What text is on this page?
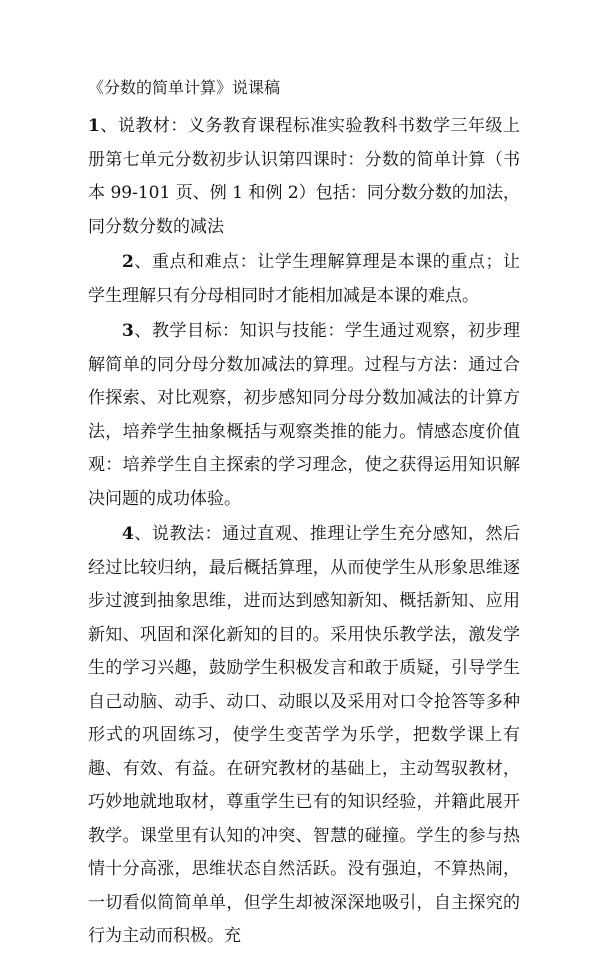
《分数的简单计算》说课稿

1、说教材：义务教育课程标准实验教科书数学三年级上册第七单元分数初步认识第四课时：分数的简单计算（书本 99-101 页、例 1 和例 2）包括：同分数分数的加法，同分数分数的减法

2、重点和难点：让学生理解算理是本课的重点；让学生理解只有分母相同时才能相加减是本课的难点。

3、教学目标：知识与技能：学生通过观察，初步理解简单的同分母分数加减法的算理。过程与方法：通过合作探索、对比观察，初步感知同分母分数加减法的计算方法，培养学生抽象概括与观察类推的能力。情感态度价值观：培养学生自主探索的学习理念，使之获得运用知识解决问题的成功体验。

4、说教法：通过直观、推理让学生充分感知，然后经过比较归纳，最后概括算理，从而使学生从形象思维逐步过渡到抽象思维，进而达到感知新知、概括新知、应用新知、巩固和深化新知的目的。采用快乐教学法，激发学生的学习兴趣，鼓励学生积极发言和敢于质疑，引导学生自己动脑、动手、动口、动眼以及采用对口令抢答等多种形式的巩固练习，使学生变苦学为乐学，把数学课上有趣、有效、有益。在研究教材的基础上，主动驾驭教材，巧妙地就地取材，尊重学生已有的知识经验，并籍此展开教学。课堂里有认知的冲突、智慧的碰撞。学生的参与热情十分高涨，思维状态自然活跃。没有强迫，不算热闹，一切看似简简单单，但学生却被深深地吸引，自主探究的行为主动而积极。充
